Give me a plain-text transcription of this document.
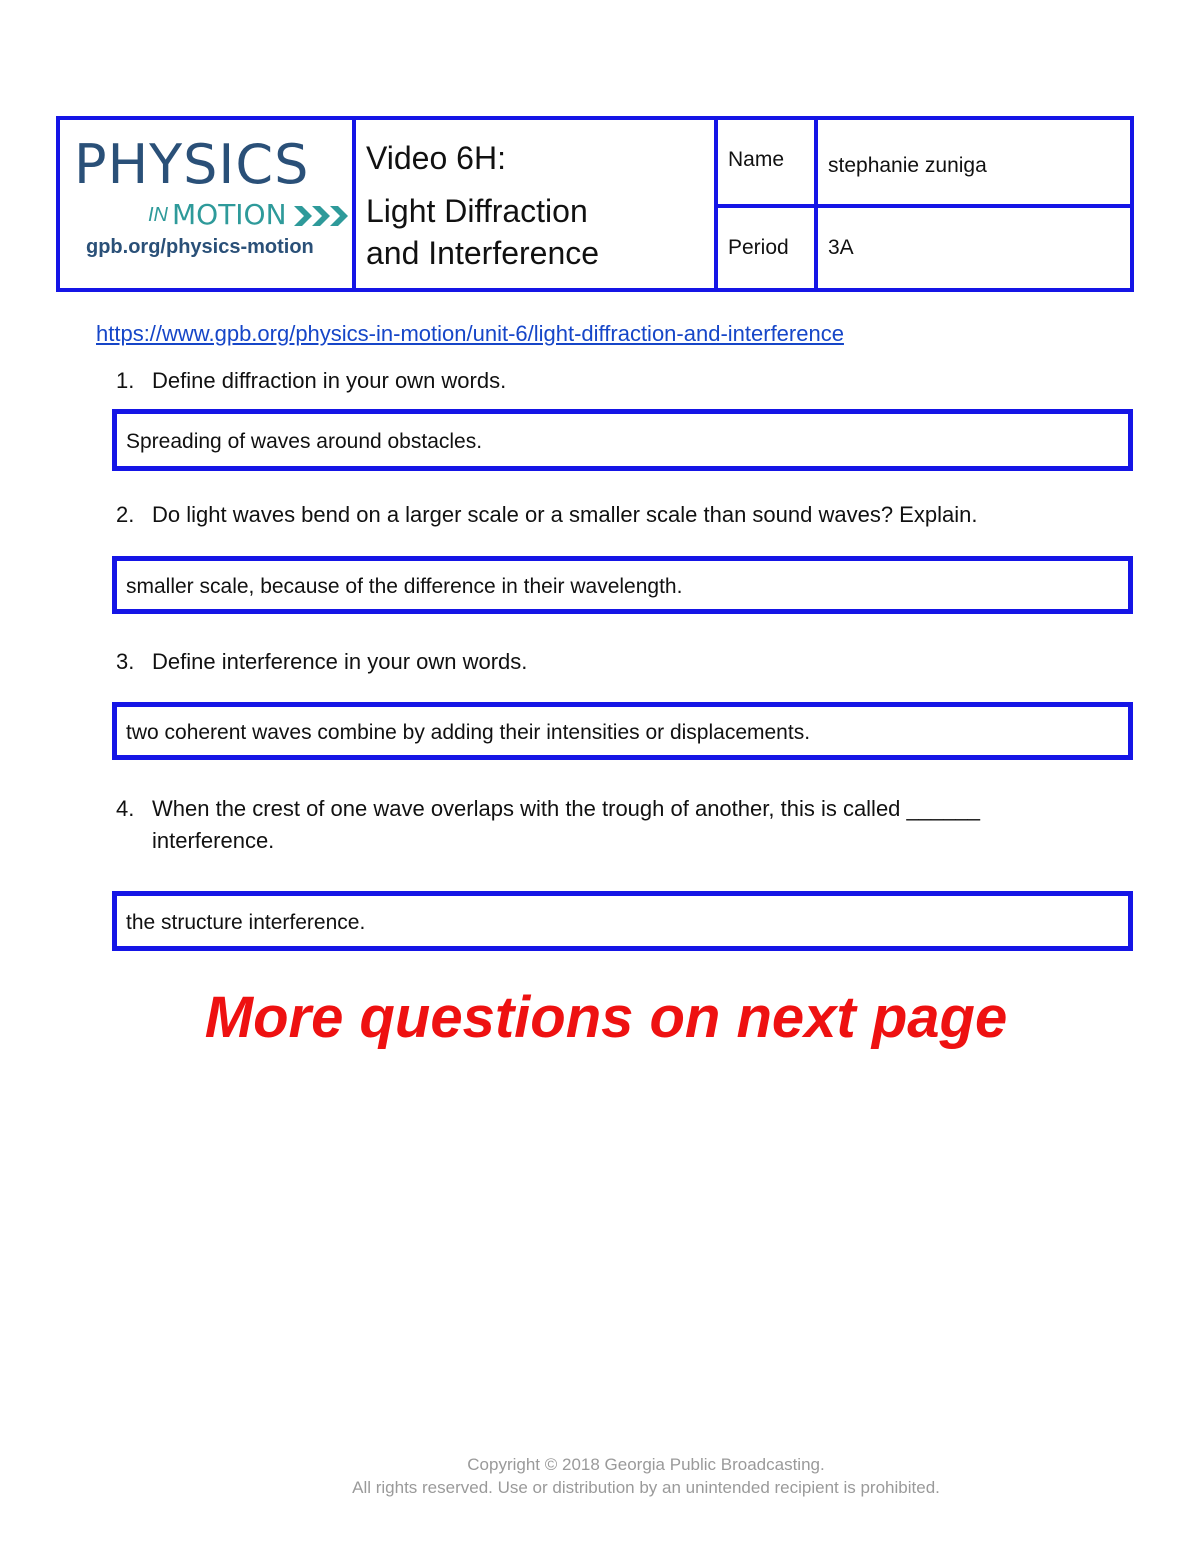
PHYSICS
IN MOTION
gpb.org/physics-motion
Video 6H:
Light Diffraction
and Interference
Name stephanie zuniga
Period 3A
https://www.gpb.org/physics-in-motion/unit-6/light-diffraction-and-interference
1. Define diffraction in your own words.
Spreading of waves around obstacles.
2. Do light waves bend on a larger scale or a smaller scale than sound waves? Explain.
smaller scale, because of the difference in their wavelength.
3. Define interference in your own words.
two coherent waves combine by adding their intensities or displacements.
4. When the crest of one wave overlaps with the trough of another, this is called ______
interference.
the structure interference.
More questions on next page
Copyright © 2018 Georgia Public Broadcasting.
All rights reserved. Use or distribution by an unintended recipient is prohibited.
